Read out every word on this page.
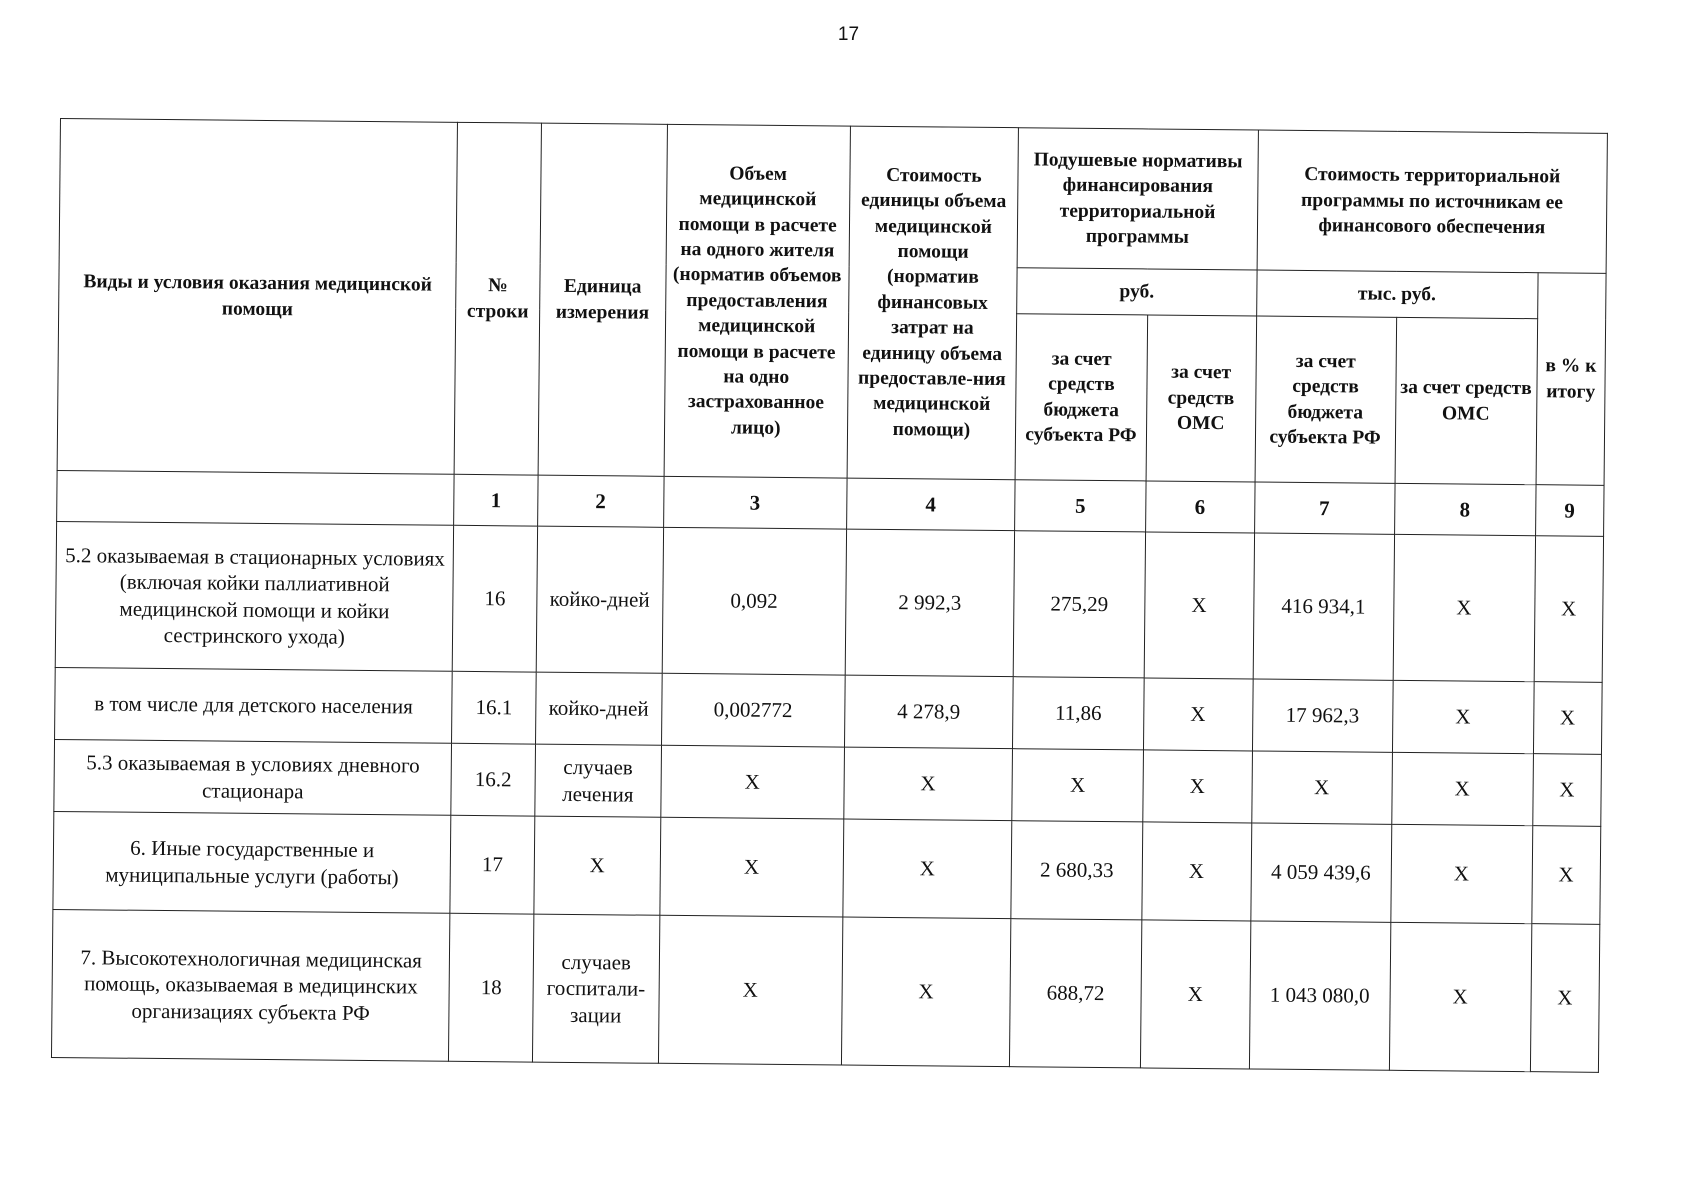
17
Виды и условия оказания медицинской помощи	№ строки	Единица измерения	Объем медицинской помощи в расчете на одного жителя (норматив объемов предоставления медицинской помощи в расчете на одно застрахованное лицо)	Стоимость единицы объема медицинской помощи (норматив финансовых затрат на единицу объема предоставле-ния медицинской помощи)	Подушевые нормативы финансирования территориальной программы		Стоимость территориальной программы по источникам ее финансового обеспечения		
					руб.		тыс. руб.		в % к итогу
					за счет средств бюджета субъекта РФ	за счет средств ОМС	за счет средств бюджета субъекта РФ	за счет средств ОМС	
	1	2	3	4	5	6	7	8	9
5.2 оказываемая в стационарных условиях (включая койки паллиативной медицинской помощи и койки сестринского ухода)	16	койко-дней	0,092	2 992,3	275,29	Х	416 934,1	Х	Х
в том числе для детского населения	16.1	койко-дней	0,002772	4 278,9	11,86	Х	17 962,3	Х	Х
5.3 оказываемая в условиях дневного стационара	16.2	случаев лечения	Х	Х	Х	Х	Х	Х	Х
6. Иные государственные и муниципальные услуги (работы)	17	Х	Х	Х	2 680,33	Х	4 059 439,6	Х	Х
7. Высокотехнологичная медицинская помощь, оказываемая в медицинских организациях субъекта РФ	18	случаев госпитали-зации	Х	Х	688,72	Х	1 043 080,0	Х	Х
